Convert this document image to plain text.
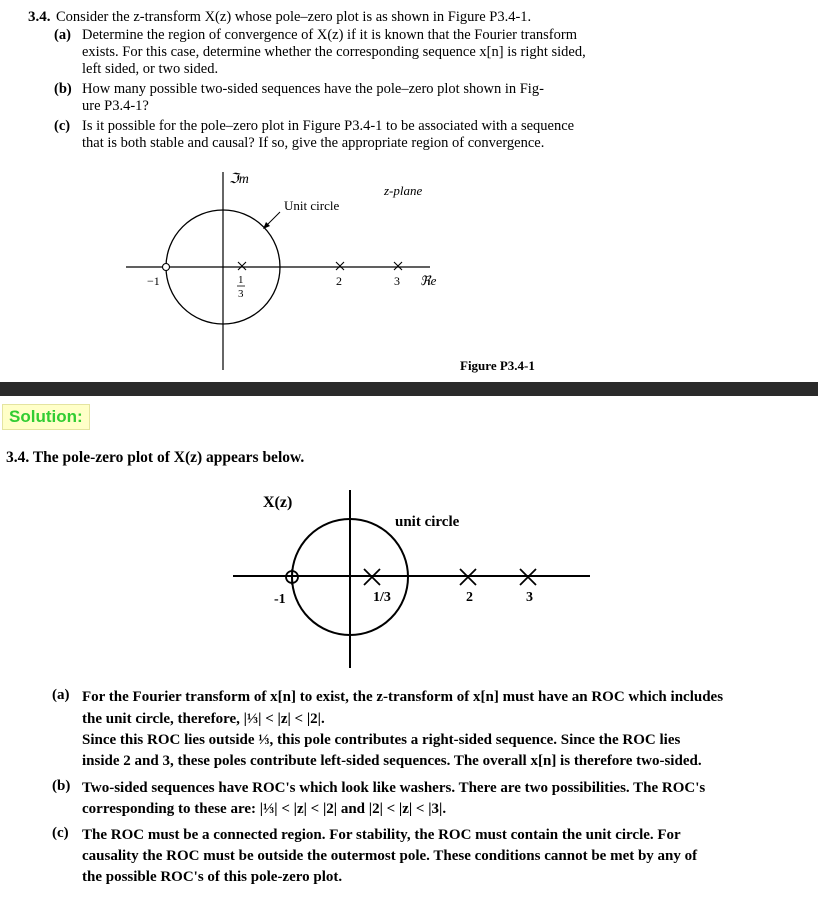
3.4. Consider the z-transform X(z) whose pole–zero plot is as shown in Figure P3.4-1.
(a) Determine the region of convergence of X(z) if it is known that the Fourier transform
exists. For this case, determine whether the corresponding sequence x[n] is right sided,
left sided, or two sided.
(b) How many possible two-sided sequences have the pole–zero plot shown in Fig-
ure P3.4-1?
(c) Is it possible for the pole–zero plot in Figure P3.4-1 to be associated with a sequence
that is both stable and causal? If so, give the appropriate region of convergence.
ℑm
Unit circle
z-plane
ℜe
−1	1
3
2	3
Figure P3.4-1
Solution:
3.4. The pole-zero plot of X(z) appears below.
X(z)
unit circle
-1	1/3	2	3
(a) For the Fourier transform of x[n] to exist, the z-transform of x[n] must have an ROC which includes
the unit circle, therefore, |⅓| < |z| < |2|.
Since this ROC lies outside ⅓, this pole contributes a right-sided sequence. Since the ROC lies
inside 2 and 3, these poles contribute left-sided sequences. The overall x[n] is therefore two-sided.
(b) Two-sided sequences have ROC's which look like washers. There are two possibilities. The ROC's
corresponding to these are: |⅓| < |z| < |2| and |2| < |z| < |3|.
(c) The ROC must be a connected region. For stability, the ROC must contain the unit circle. For
causality the ROC must be outside the outermost pole. These conditions cannot be met by any of
the possible ROC's of this pole-zero plot.
